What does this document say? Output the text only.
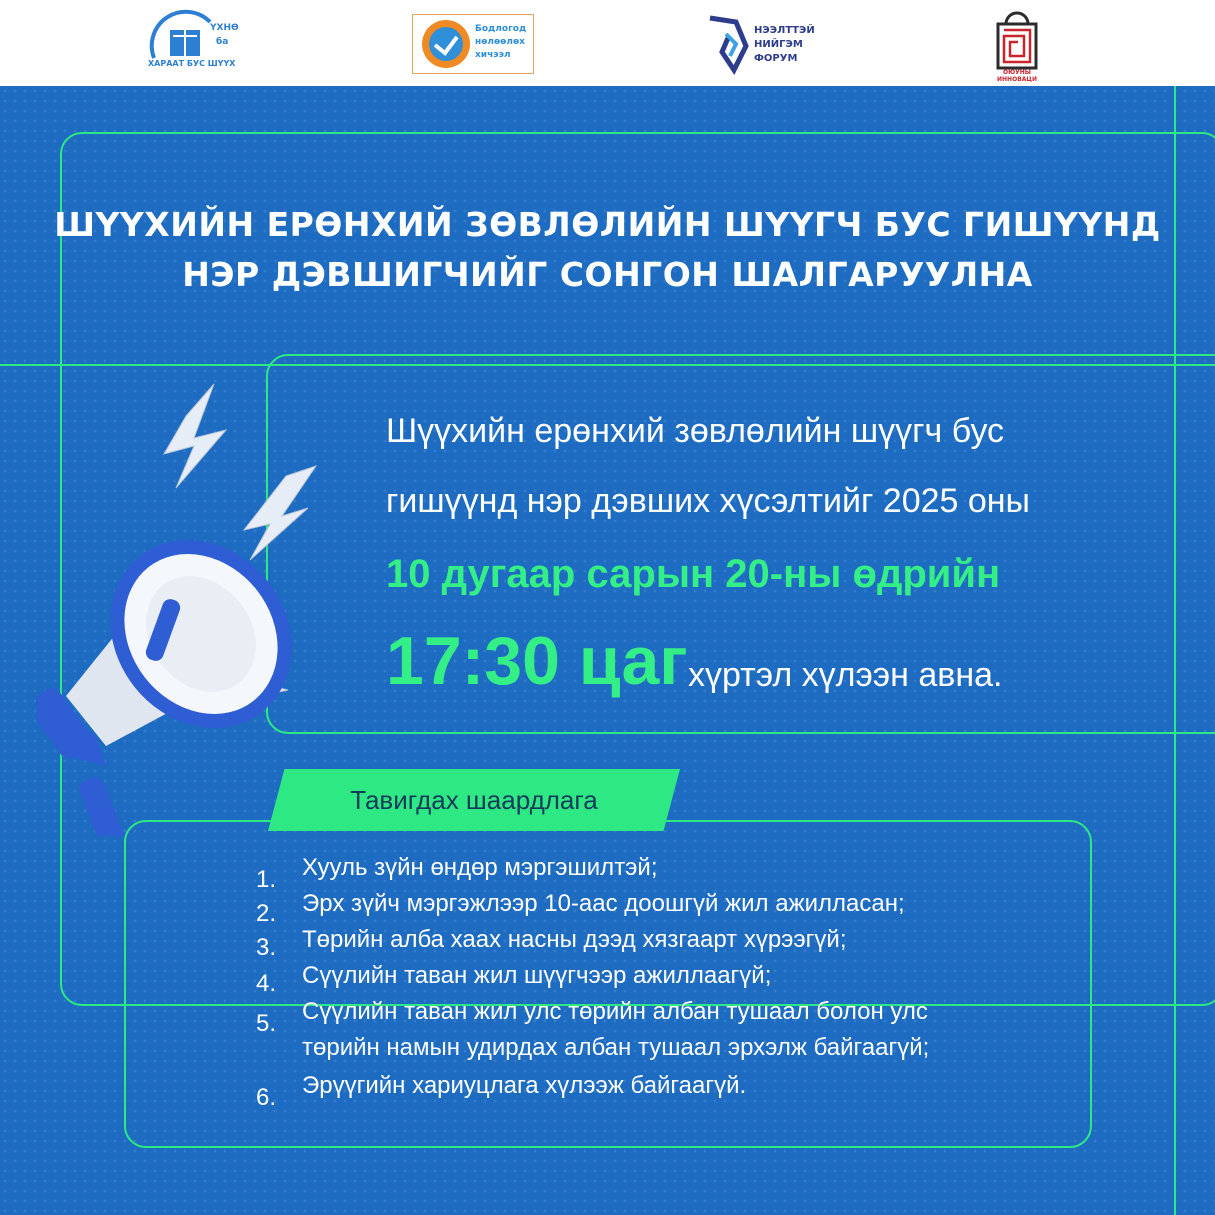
ҮХНӨ
ба
ХАРААТ БУС ШҮҮХ
Бодлогод
нөлөөлөх
хичээл
НЭЭЛТТЭЙ
НИЙГЭМ
ФОРУМ
ОЮУНЫ
ИННОВАЦИ
ШҮҮХИЙН ЕРӨНХИЙ ЗӨВЛӨЛИЙН ШҮҮГЧ БУС ГИШҮҮНД
НЭР ДЭВШИГЧИЙГ СОНГОН ШАЛГАРУУЛНА
Шүүхийн ерөнхий зөвлөлийн шүүгч бус
гишүүнд нэр дэвших хүсэлтийг 2025 оны
10 дугаар сарын 20-ны өдрийн
17:30 цаг хүртэл хүлээн авна.
Тавигдах шаардлага
1. Хууль зүйн өндөр мэргэшилтэй;
2. Эрх зүйч мэргэжлээр 10-аас доошгүй жил ажилласан;
3. Төрийн алба хаах насны дээд хязгаарт хүрээгүй;
4. Сүүлийн таван жил шүүгчээр ажиллаагүй;
5. Сүүлийн таван жил улс төрийн албан тушаал болон улс
төрийн намын удирдах албан тушаал эрхэлж байгаагүй;
6. Эрүүгийн хариуцлага хүлээж байгаагүй.
